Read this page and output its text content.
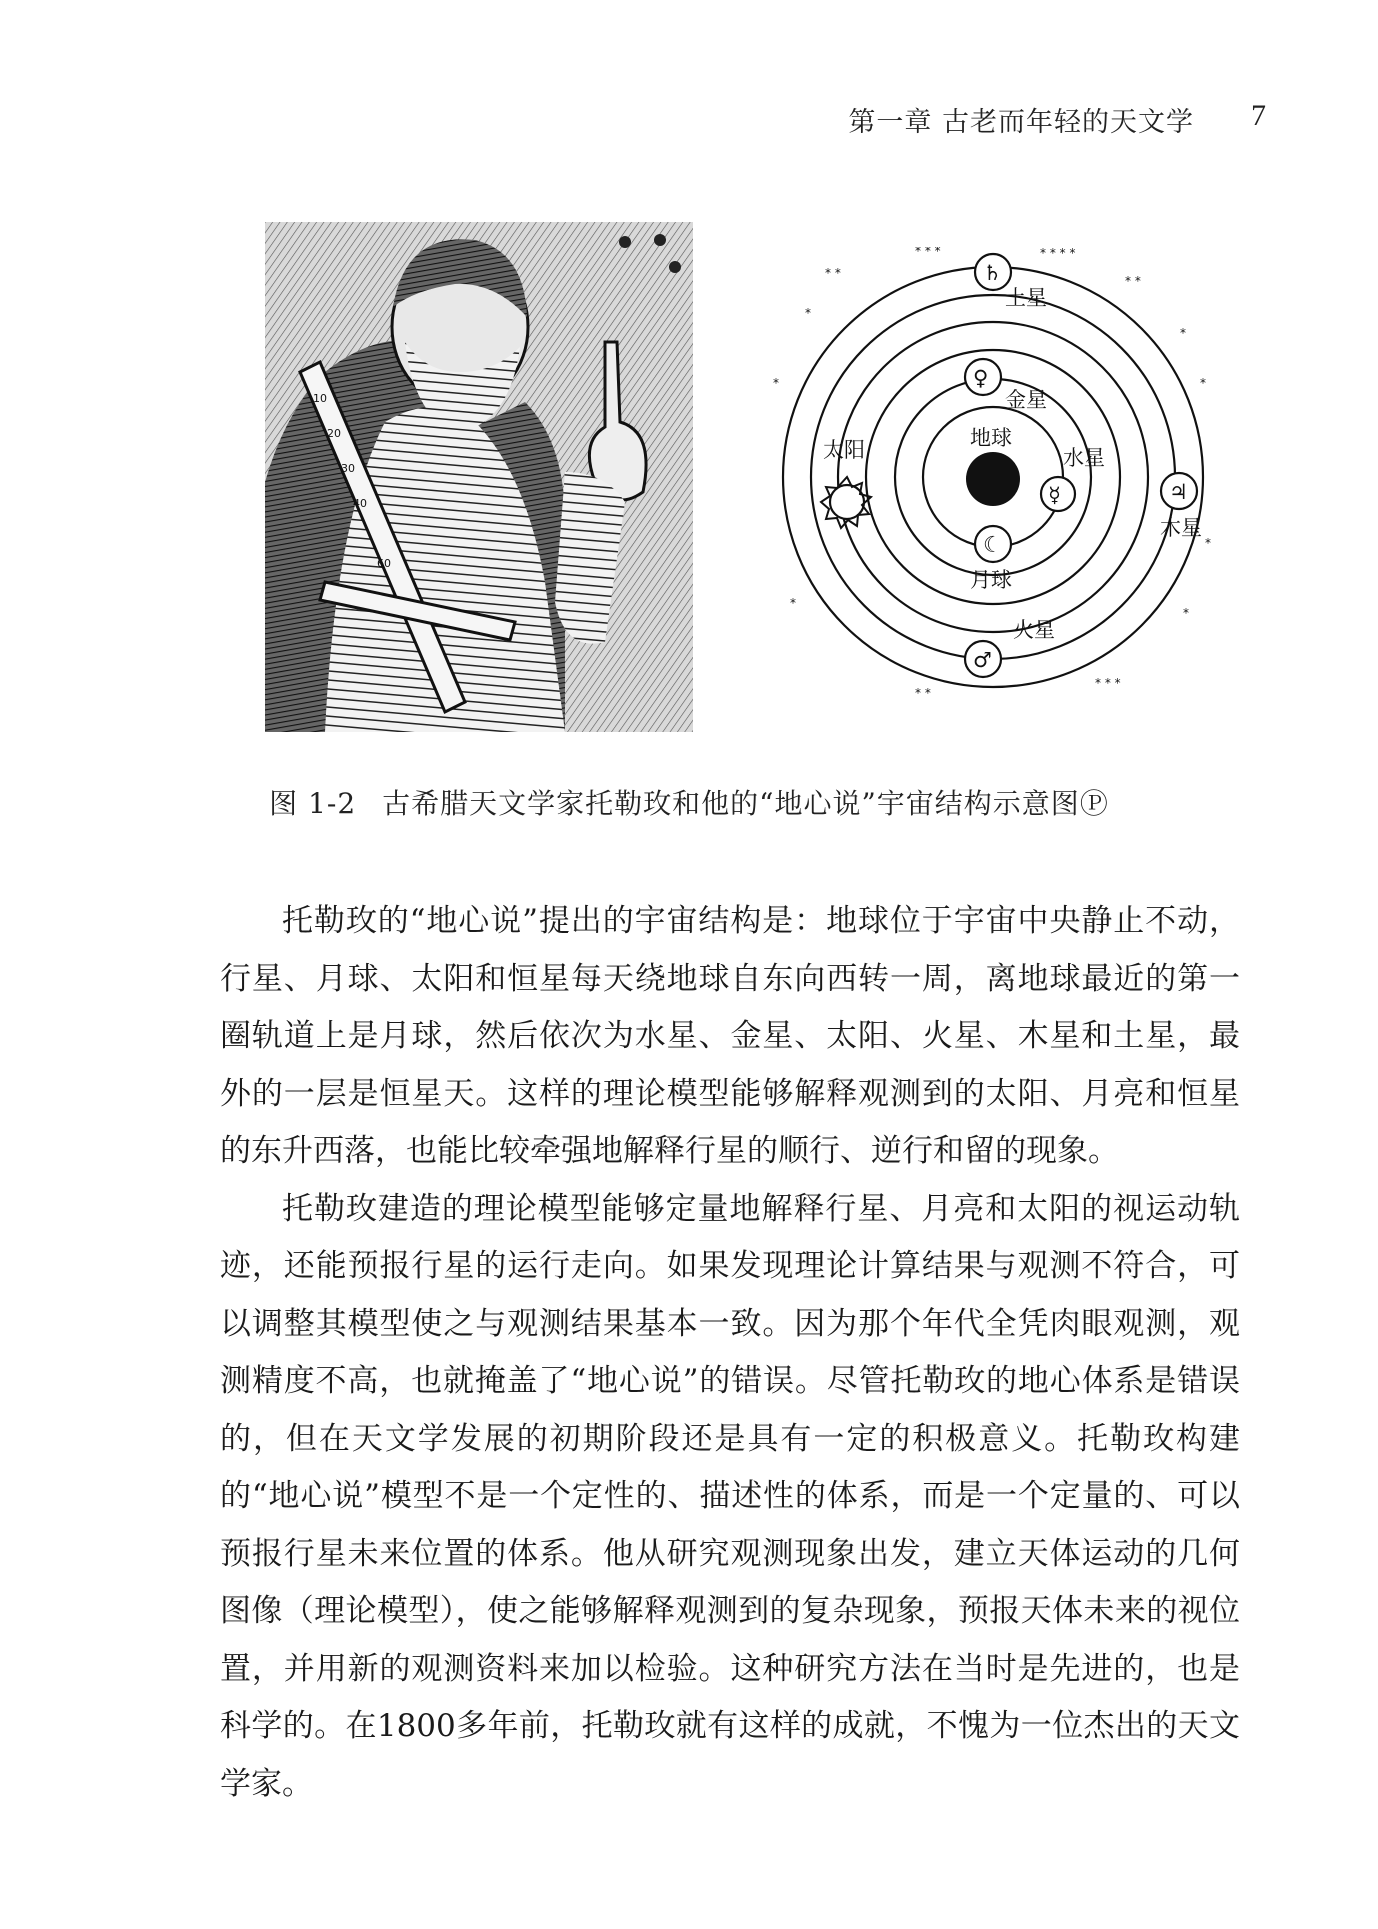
第一章 古老而年轻的天文学 7
10
20
30
40
60
* *
* * *	* * * *
* *
*
*
*
*
* * *
* *
*
*
*
地球
☾
月球
☿
水星
♀
金星
太阳
♂
火星
♃
木星
♄
土星
图 1-2 古希腊天文学家托勒玫和他的“地心说”宇宙结构示意图Ⓟ

托勒玫的“地心说”提出的宇宙结构是：地球位于宇宙中央静止不动，行星、月球、太阳和恒星每天绕地球自东向西转一周，离地球最近的第一圈轨道上是月球，然后依次为水星、金星、太阳、火星、木星和土星，最外的一层是恒星天。这样的理论模型能够解释观测到的太阳、月亮和恒星的东升西落，也能比较牵强地解释行星的顺行、逆行和留的现象。

托勒玫建造的理论模型能够定量地解释行星、月亮和太阳的视运动轨迹，还能预报行星的运行走向。如果发现理论计算结果与观测不符合，可以调整其模型使之与观测结果基本一致。因为那个年代全凭肉眼观测，观测精度不高，也就掩盖了“地心说”的错误。尽管托勒玫的地心体系是错误的，但在天文学发展的初期阶段还是具有一定的积极意义。托勒玫构建的“地心说”模型不是一个定性的、描述性的体系，而是一个定量的、可以预报行星未来位置的体系。他从研究观测现象出发，建立天体运动的几何图像（理论模型），使之能够解释观测到的复杂现象，预报天体未来的视位置，并用新的观测资料来加以检验。这种研究方法在当时是先进的，也是科学的。在1800多年前，托勒玫就有这样的成就，不愧为一位杰出的天文学家。
